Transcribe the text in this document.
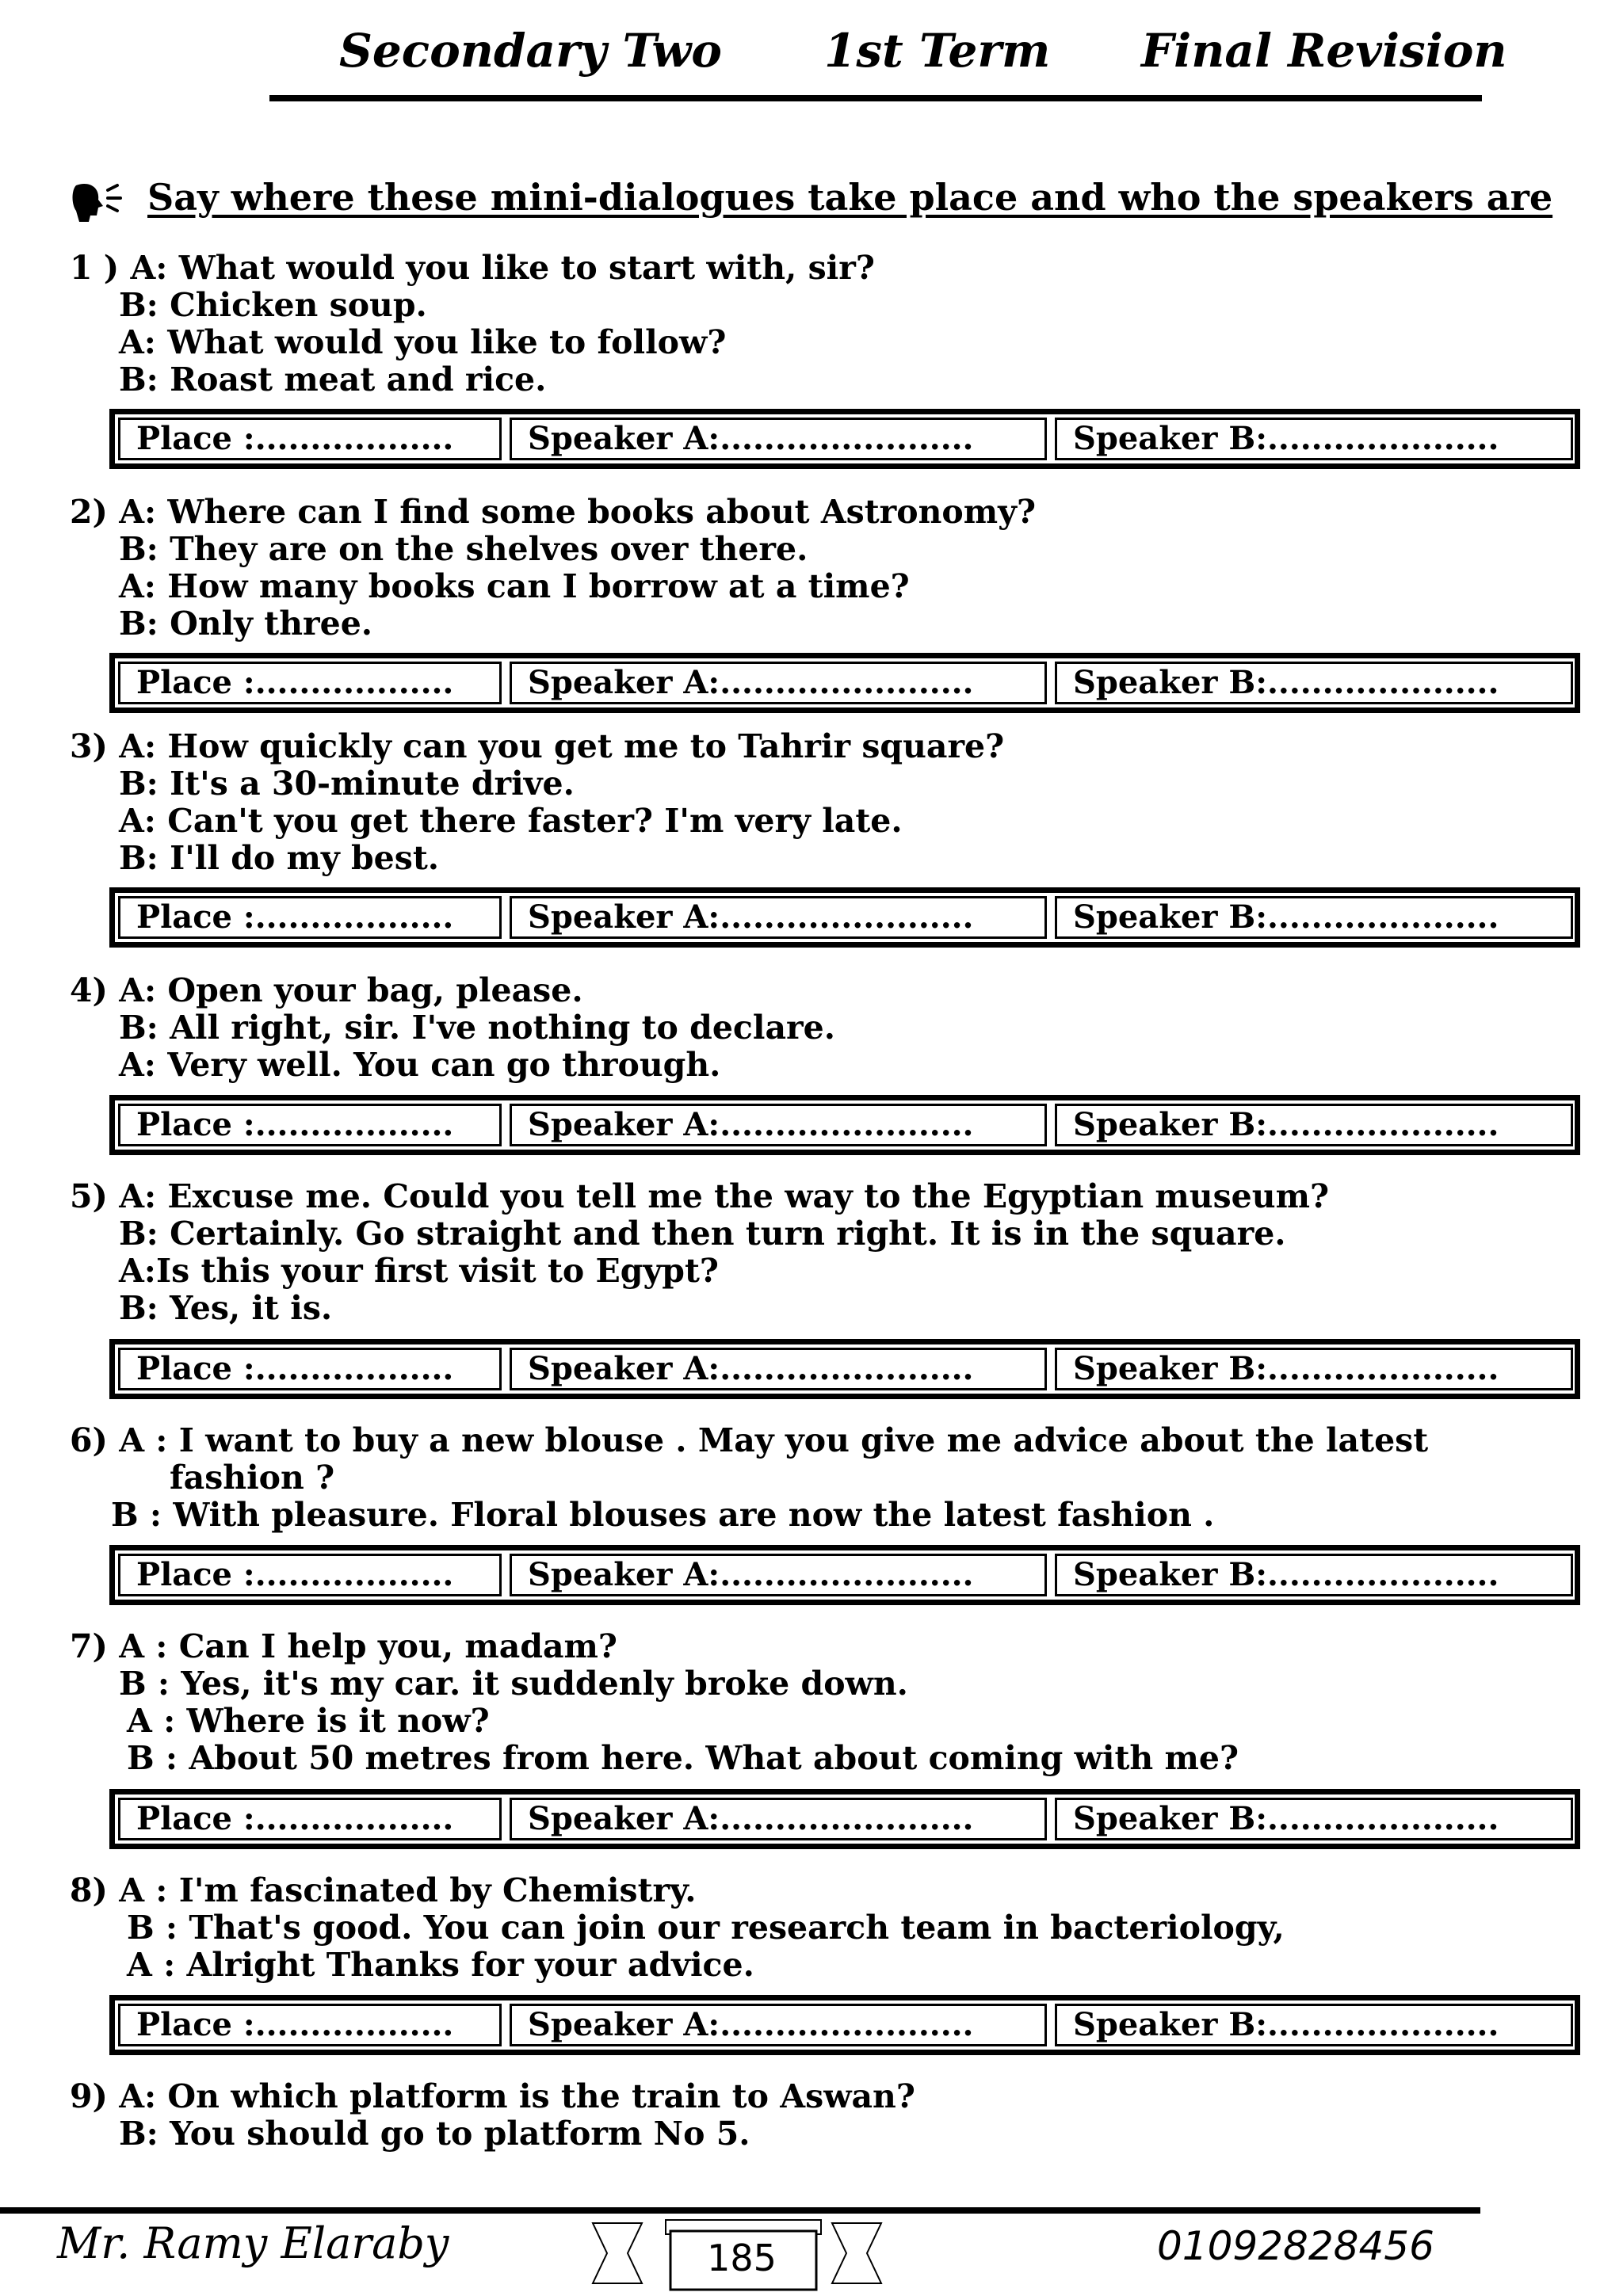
Secondary Two 1st Term Final Revision
Say where these mini-dialogues take place and who the speakers are
1 ) A: What would you like to start with, sir?
B: Chicken soup.
A: What would you like to follow?
B: Roast meat and rice.
Place :..................	Speaker A:.......................	Speaker B:.....................
2) A: Where can I find some books about Astronomy?
B: They are on the shelves over there.
A: How many books can I borrow at a time?
B: Only three.
Place :..................	Speaker A:.......................	Speaker B:.....................
3) A: How quickly can you get me to Tahrir square?
B: It's a 30-minute drive.
A: Can't you get there faster? I'm very late.
B: I'll do my best.
Place :..................	Speaker A:.......................	Speaker B:.....................
4) A: Open your bag, please.
B: All right, sir. I've nothing to declare.
A: Very well. You can go through.
Place :..................	Speaker A:.......................	Speaker B:.....................
5) A: Excuse me. Could you tell me the way to the Egyptian museum?
B: Certainly. Go straight and then turn right. It is in the square.
A:Is this your first visit to Egypt?
B: Yes, it is.
Place :..................	Speaker A:.......................	Speaker B:.....................
6) A : I want to buy a new blouse . May you give me advice about the latest
fashion ?
B : With pleasure. Floral blouses are now the latest fashion .
Place :..................	Speaker A:.......................	Speaker B:.....................
7) A : Can I help you, madam?
B : Yes, it's my car. it suddenly broke down.
A : Where is it now?
B : About 50 metres from here. What about coming with me?
Place :..................	Speaker A:.......................	Speaker B:.....................
8) A : I'm fascinated by Chemistry.
B : That's good. You can join our research team in bacteriology,
A : Alright Thanks for your advice.
Place :..................	Speaker A:.......................	Speaker B:.....................
9) A: On which platform is the train to Aswan?
B: You should go to platform No 5.
Mr. Ramy Elaraby	185	01092828456
